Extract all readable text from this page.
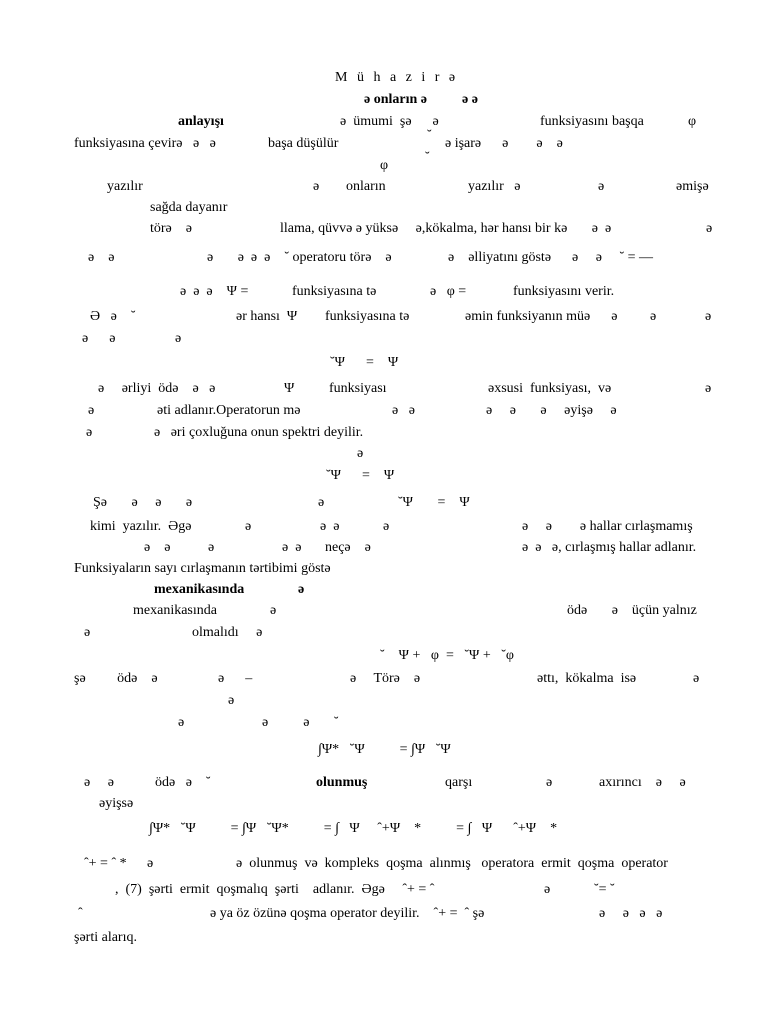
M ü h a z i r ə
ə onların ə          ə ə
anlayışı	ə  ümumi  şə      ə	funksiyasını başqa	φ
funksiyasına çevirə   ə   ə	başa düşülür
˘
ə işarə      ə        ə    ə
φ
˘
yazılır	ə onların	yazılır   ə	ə	əmişə
sağda dayanır
törə    ə	llama, qüvvə ə yüksə     ə,kökalma, hər hansı bir kə       ə  ə	ə
ə    ə	ə       ə  ə  ə    ˘ operatoru törə    ə	ə    əlliyatını göstə      ə     ə     ˘ = ―
ə  ə  ə    Ψ =	funksiyasına tə	ə   φ =	funksiyasını verir.
Ə   ə    ˘	ər hansı  Ψ funksiyasına tə	əmin funksiyanın müə      ə ə	ə
ə      ə	ə
˘Ψ      =    Ψ
ə     ərliyi  ödə    ə   ə	Ψ funksiyası	əxsusi  funksiyası,  və	ə
ə	əti adlanır.Operatorun mə	ə   ə	ə     ə       ə     əyişə     ə
ə	ə   əri çoxluğuna onun spektri deyilir.
ə
˘Ψ      =    Ψ
Şə       ə     ə       ə	ə	˘Ψ       =    Ψ
kimi  yazılır.  Əgə	ə	ə  ə	ə	ə     ə        ə hallar cırlaşmamış
ə    ə	ə	ə  ə neçə    ə	ə  ə   ə, cırlaşmış hallar adlanır.
Funksiyaların sayı cırlaşmanın tərtibimi göstə
mexanikasında	ə
mexanikasında	ə	ödə       ə    üçün yalnız
ə	olmalıdı     ə
˘    Ψ +   φ  =   ˘Ψ +   ˘φ
şə         ödə    ə	ə      –	ə     Törə    ə	əttı,  kökalma  isə	ə
ə
ə	ə          ə       ˘
∫Ψ*   ˘Ψ          = ∫Ψ   ˘Ψ
ə     ə	ödə   ə    ˘	olunmuş	qarşı	ə	axırıncı    ə     ə
əyişsə
∫Ψ*   ˘Ψ          = ∫Ψ   ˘Ψ*          = ∫   Ψ     ˆ+Ψ    *          = ∫   Ψ      ˆ+Ψ    *
ˆ+ = ˆ * ə	ə  olunmuş  və  kompleks  qoşma  alınmış   operatora  ermit  qoşma  operator
,  (7)  şərti  ermit  qoşmalıq  şərti    adlanır.  Əgə     ˆ+ = ˆ	ə	˘= ˘
ˆ	ə ya öz özünə qoşma operator deyilir.    ˆ+ =  ˆ şə	ə     ə   ə   ə
şərti alarıq.
